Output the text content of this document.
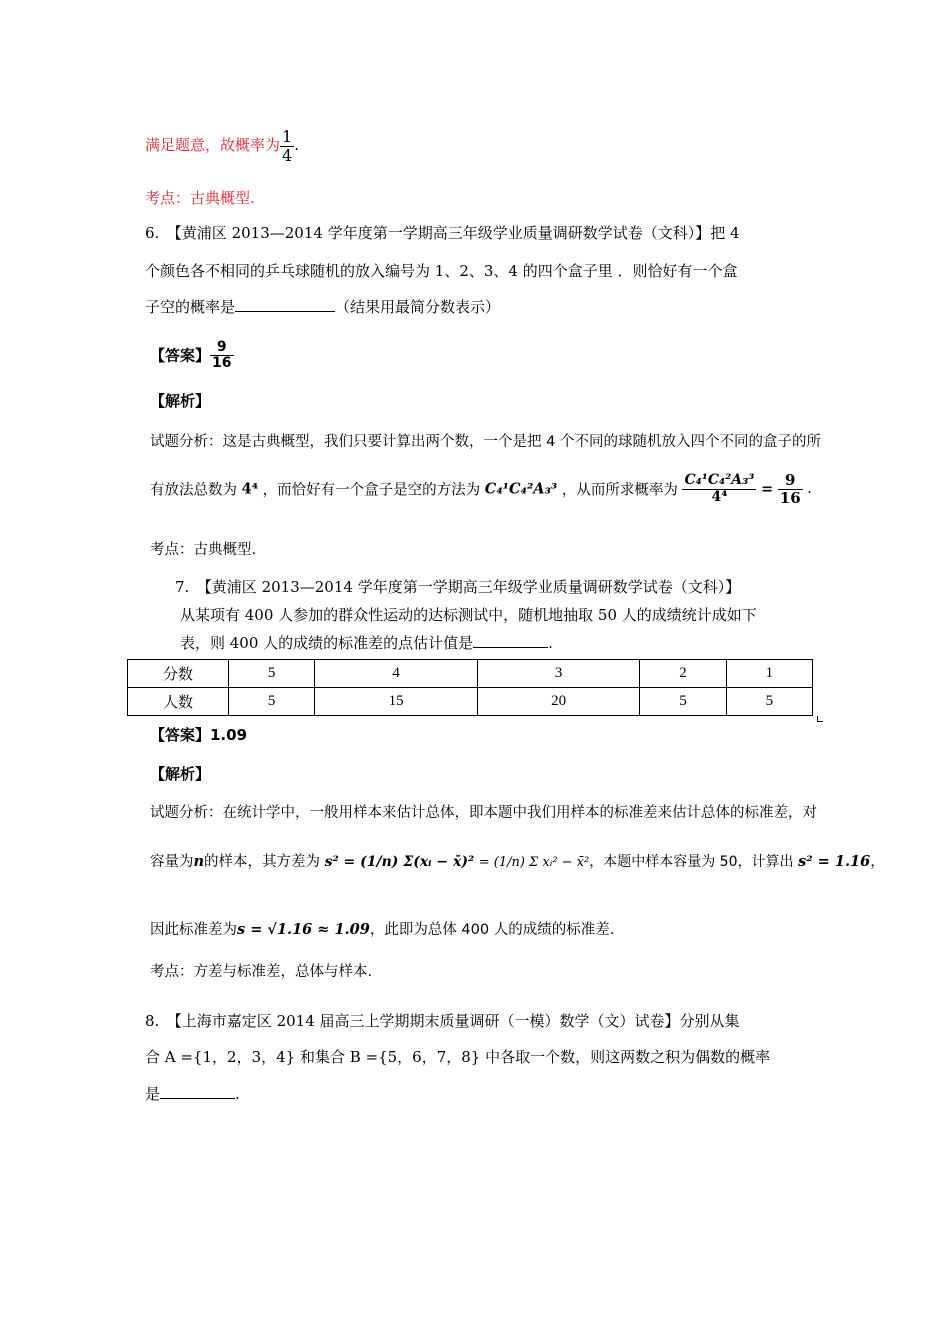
满足题意，故概率为 $\frac{1}{4}$ .
考点：古典概型.
6.　【黄浦区 2013—2014 学年度第一学期高三年级学业质量调研数学试卷（文科）】把 4
个颜色各不相同的乒乓球随机的放入编号为 1、2、3、4 的四个盒子里 ．则恰好有一个盒
子空的概率是	（结果用最简分数表示）
【答案】 $\frac{9}{16}$
【解析】
试题分析：这是古典概型，我们只要计算出两个数，一个是把 4 个不同的球随机放入四个不同的盒子的所
有放法总数为 4⁴ ，而恰好有一个盒子是空的方法为 C₄¹C₄²A₃³ ，从而所求概率为 $\frac{\text{C₄¹C₄²A₃³}}{\text{4⁴}} = \frac{9}{16}$ .
考点：古典概型.
7.　【黄浦区 2013—2014 学年度第一学期高三年级学业质量调研数学试卷（文科）】
从某项有 400 人参加的群众性运动的达标测试中，随机地抽取 50 人的成绩统计成如下
表，则 400 人的成绩的标准差的点估计值是	.
分数	5	4	3	2	1
人数	5	15	20	5	5
【答案】1.09
【解析】
试题分析：在统计学中，一般用样本来估计总体，即本题中我们用样本的标准差来估计总体的标准差，对
容量为n的样本，其方差为 s² = (1/n) Σ(xᵢ − x̄)² = (1/n) Σ xᵢ² − x̄²，本题中样本容量为 50，计算出 s² = 1.16，
因此标准差为s = √1.16 ≈ 1.09，此即为总体 400 人的成绩的标准差.
考点：方差与标准差，总体与样本.
8.　【上海市嘉定区 2014 届高三上学期期末质量调研（一模）数学（文）试卷】分别从集
合 A ={1，2，3，4} 和集合 B ={5，6，7，8} 中各取一个数，则这两数之积为偶数的概率
是	.
